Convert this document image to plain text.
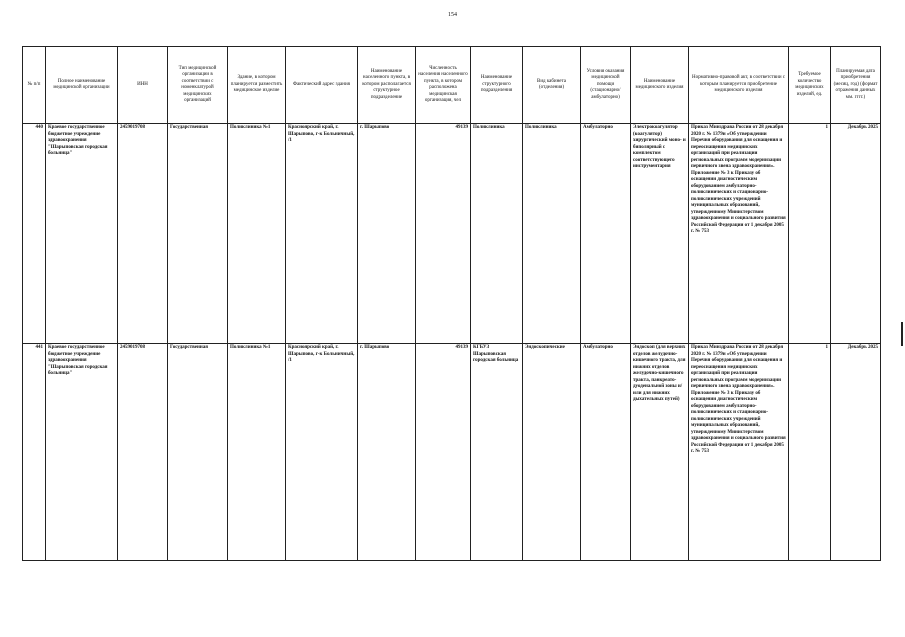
154
№ п/п	Полное наименование медицинской организации	ИНН	Тип медицинской организации в соответствии с номенклатурой медицинских организаций	Здание, в котором планируется разместить медицинское изделие	Фактический адрес здания	Наименование населенного пункта, в котором располагается структурное подразделение	Численность населения населенного пункта, в котором расположена медицинская организация, чел	Наименование структурного подразделения	Вид кабинета (отделения)	Условия оказания медицинской помощи (стационарно/ амбулаторно)	Наименование медицинского изделия	Нормативно-правовой акт, в соответствии с которым планируется приобретение медицинского изделия	Требуемое количество медицинских изделий, ед.	Планируемая дата приобретения (месяц, год) (формат отражения данных мм. гггг.)
440	Краевое государственное бюджетное учреждение здравоохранения "Шарыповская городская больница"	2459019708	Государственная	Поликлиника №1	Красноярский край, г. Шарыпово, г-к Больничный, /1	г. Шарыпово	49139	Поликлиника	Поликлиника	Амбулаторно	Электрокоагулятор (коагулятор) хирургический моно- и биполярный с комплектом соответствующего инструментария	Приказ Минздрава России от 28 декабря 2020 г. № 1379н «Об утверждении Перечня оборудования для оснащения и переоснащения медицинских организаций при реализации региональных программ модернизации первичного звена здравоохранения». Приложение № 3 к Приказу об оснащении диагностическим оборудованием амбулаторно-поликлинических и стационарно-поликлинических учреждений муниципальных образований, утвержденному Министерством здравоохранения и социального развития Российской Федерации от 1 декабря 2005 г. № 753	1	Декабрь 2025
441	Краевое государственное бюджетное учреждение здравоохранения "Шарыповская городская больница"	2459019708	Государственная	Поликлиника №1	Красноярский край, г. Шарыпово, г-к Больничный, /1	г. Шарыпово	49139	КГБУЗ Шарыповская городская больница	Эндоскопические	Амбулаторно	Эндоскоп (для верхних отделов желудочно-кишечного тракта, для нижних отделов желудочно-кишечного тракта, панкреато-дуоденальной зоны и/или для нижних дыхательных путей)	Приказ Минздрава России от 28 декабря 2020 г. № 1379н «Об утверждении Перечня оборудования для оснащения и переоснащения медицинских организаций при реализации региональных программ модернизации первичного звена здравоохранения». Приложение № 3 к Приказу об оснащении диагностическим оборудованием амбулаторно-поликлинических и стационарно-поликлинических учреждений муниципальных образований, утвержденному Министерством здравоохранения и социального развития Российской Федерации от 1 декабря 2005 г. № 753	1	Декабрь 2025
